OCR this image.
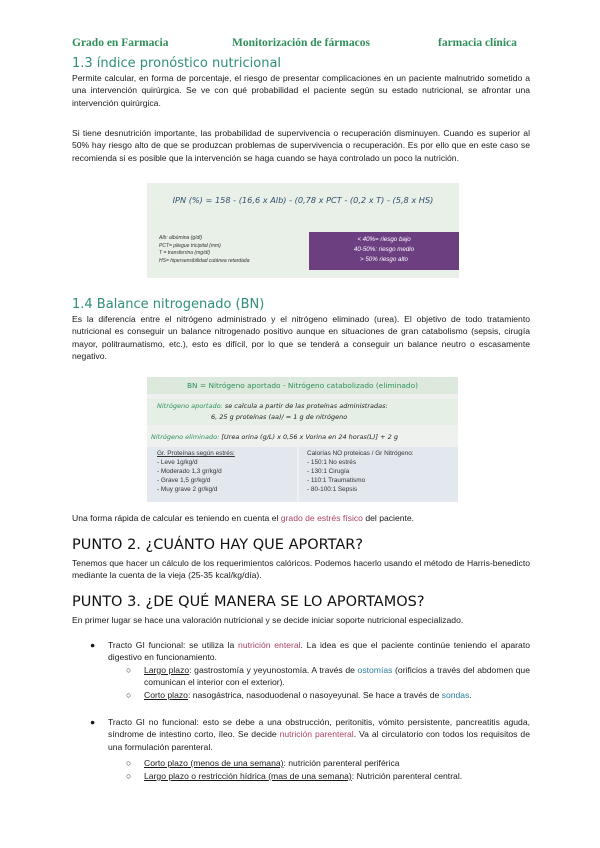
Grado en Farmacia	Monitorización de fármacos	farmacia clínica
1.3 índice pronóstico nutricional
Permite calcular, en forma de porcentaje, el riesgo de presentar complicaciones en un paciente malnutrido sometido a una intervención quirúrgica. Se ve con qué probabilidad el paciente según su estado nutricional, se afrontar una intervención quirúrgica.
Si tiene desnutrición importante, las probabilidad de supervivencia o recuperación disminuyen. Cuando es superior al 50% hay riesgo alto de que se produzcan problemas de supervivencia o recuperación. Es por ello que en este caso se recomienda si es posible que la intervención se haga cuando se haya controlado un poco la nutrición.
IPN (%) = 158 - (16,6 x Alb) - (0,78 x PCT - (0,2 x T) - (5,8 x HS)
Alb: albúmina (g/dl)
PCT= pliegue tricipital (mm)
T = transferrina (mg/dl)
HS= hipersensibilidad cutánea retardada
< 40%= riesgo bajo
40-50%: riesgo medio
> 50% riesgo alto
1.4 Balance nitrogenado (BN)
Es la diferencia entre el nitrógeno administrado y el nitrógeno eliminado (urea). El objetivo de todo tratamiento nutricional es conseguir un balance nitrogenado positivo aunque en situaciones de gran catabolismo (sepsis, cirugía mayor, politraumatismo, etc.), esto es difícil, por lo que se tenderá a conseguir un balance neutro o escasamente negativo.
BN = Nitrógeno aportado - Nitrógeno catabolizado (eliminado)
Nitrógeno aportado: se calcula a partir de las proteínas administradas:
6, 25 g proteínas (aa)/ = 1 g de nitrógeno
Nitrógeno eliminado: [Urea orina (g/L) x 0,56 x Vorina en 24 horas(L)] + 2 g
Gr. Proteínas según estrés:
- Leve 1g/kg/d
- Moderado 1,3 gr/kg/d
- Grave 1,5 gr/kg/d
- Muy grave 2 gr/kg/d
Calorías NO proteicas / Gr Nitrógeno:
- 150:1 No estrés
- 130:1 Cirugía
- 110:1 Traumatismo
- 80-100:1 Sepsis
Una forma rápida de calcular es teniendo en cuenta el grado de estrés físico del paciente.
PUNTO 2. ¿CUÁNTO HAY QUE APORTAR?
Tenemos que hacer un cálculo de los requerimientos calóricos. Podemos hacerlo usando el método de Harris-benedicto mediante la cuenta de la vieja (25-35 kcal/kg/día).
PUNTO 3. ¿DE QUÉ MANERA SE LO APORTAMOS?
En primer lugar se hace una valoración nutricional y se decide iniciar soporte nutricional especializado.
● Tracto GI funcional: se utiliza la nutrición enteral. La idea es que el paciente continúe teniendo el aparato digestivo en funcionamiento.
○ Largo plazo: gastrostomía y yeyunostomía. A través de ostomías (orificios a través del abdomen que comunican el interior con el exterior).
○ Corto plazo: nasogástrica, nasoduodenal o nasoyeyunal. Se hace a través de sondas.
● Tracto GI no funcional: esto se debe a una obstrucción, peritonitis, vómito persistente, pancreatitis aguda, síndrome de intestino corto, íleo. Se decide nutrición parenteral. Va al circulatorio con todos los requisitos de una formulación parenteral.
○ Corto plazo (menos de una semana): nutrición parenteral periférica
○ Largo plazo o restricción hídrica (mas de una semana): Nutrición parenteral central.
